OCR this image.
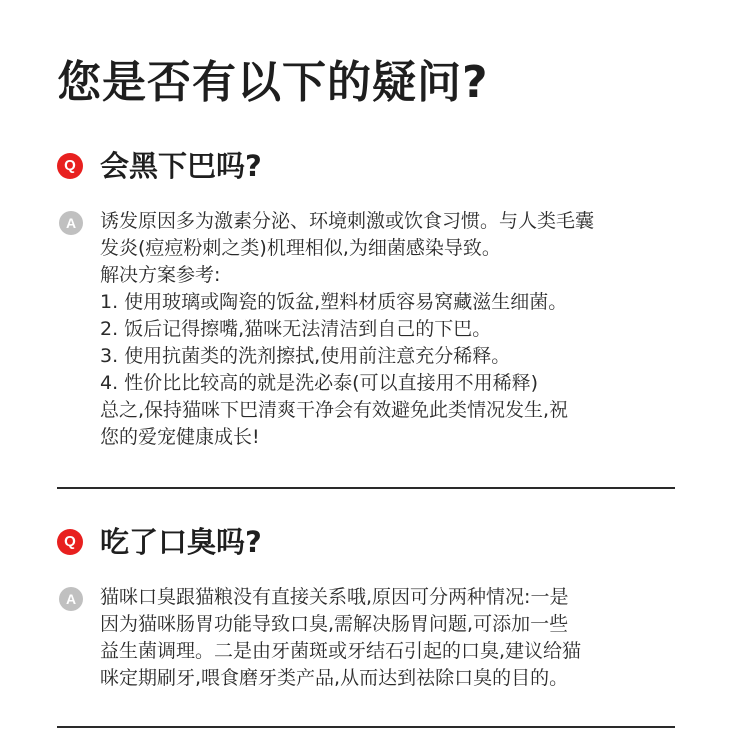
您是否有以下的疑问?
Q 会黑下巴吗?
A	诱发原因多为激素分泌、环境刺激或饮食习惯。与人类毛囊
发炎(痘痘粉刺之类)机理相似,为细菌感染导致。
解决方案参考:
1. 使用玻璃或陶瓷的饭盆,塑料材质容易窝藏滋生细菌。
2. 饭后记得擦嘴,猫咪无法清洁到自己的下巴。
3. 使用抗菌类的洗剂擦拭,使用前注意充分稀释。
4. 性价比比较高的就是洗必泰(可以直接用不用稀释)
总之,保持猫咪下巴清爽干净会有效避免此类情况发生,祝
您的爱宠健康成长!
Q 吃了口臭吗?
A	猫咪口臭跟猫粮没有直接关系哦,原因可分两种情况:一是
因为猫咪肠胃功能导致口臭,需解决肠胃问题,可添加一些
益生菌调理。二是由牙菌斑或牙结石引起的口臭,建议给猫
咪定期刷牙,喂食磨牙类产品,从而达到祛除口臭的目的。
